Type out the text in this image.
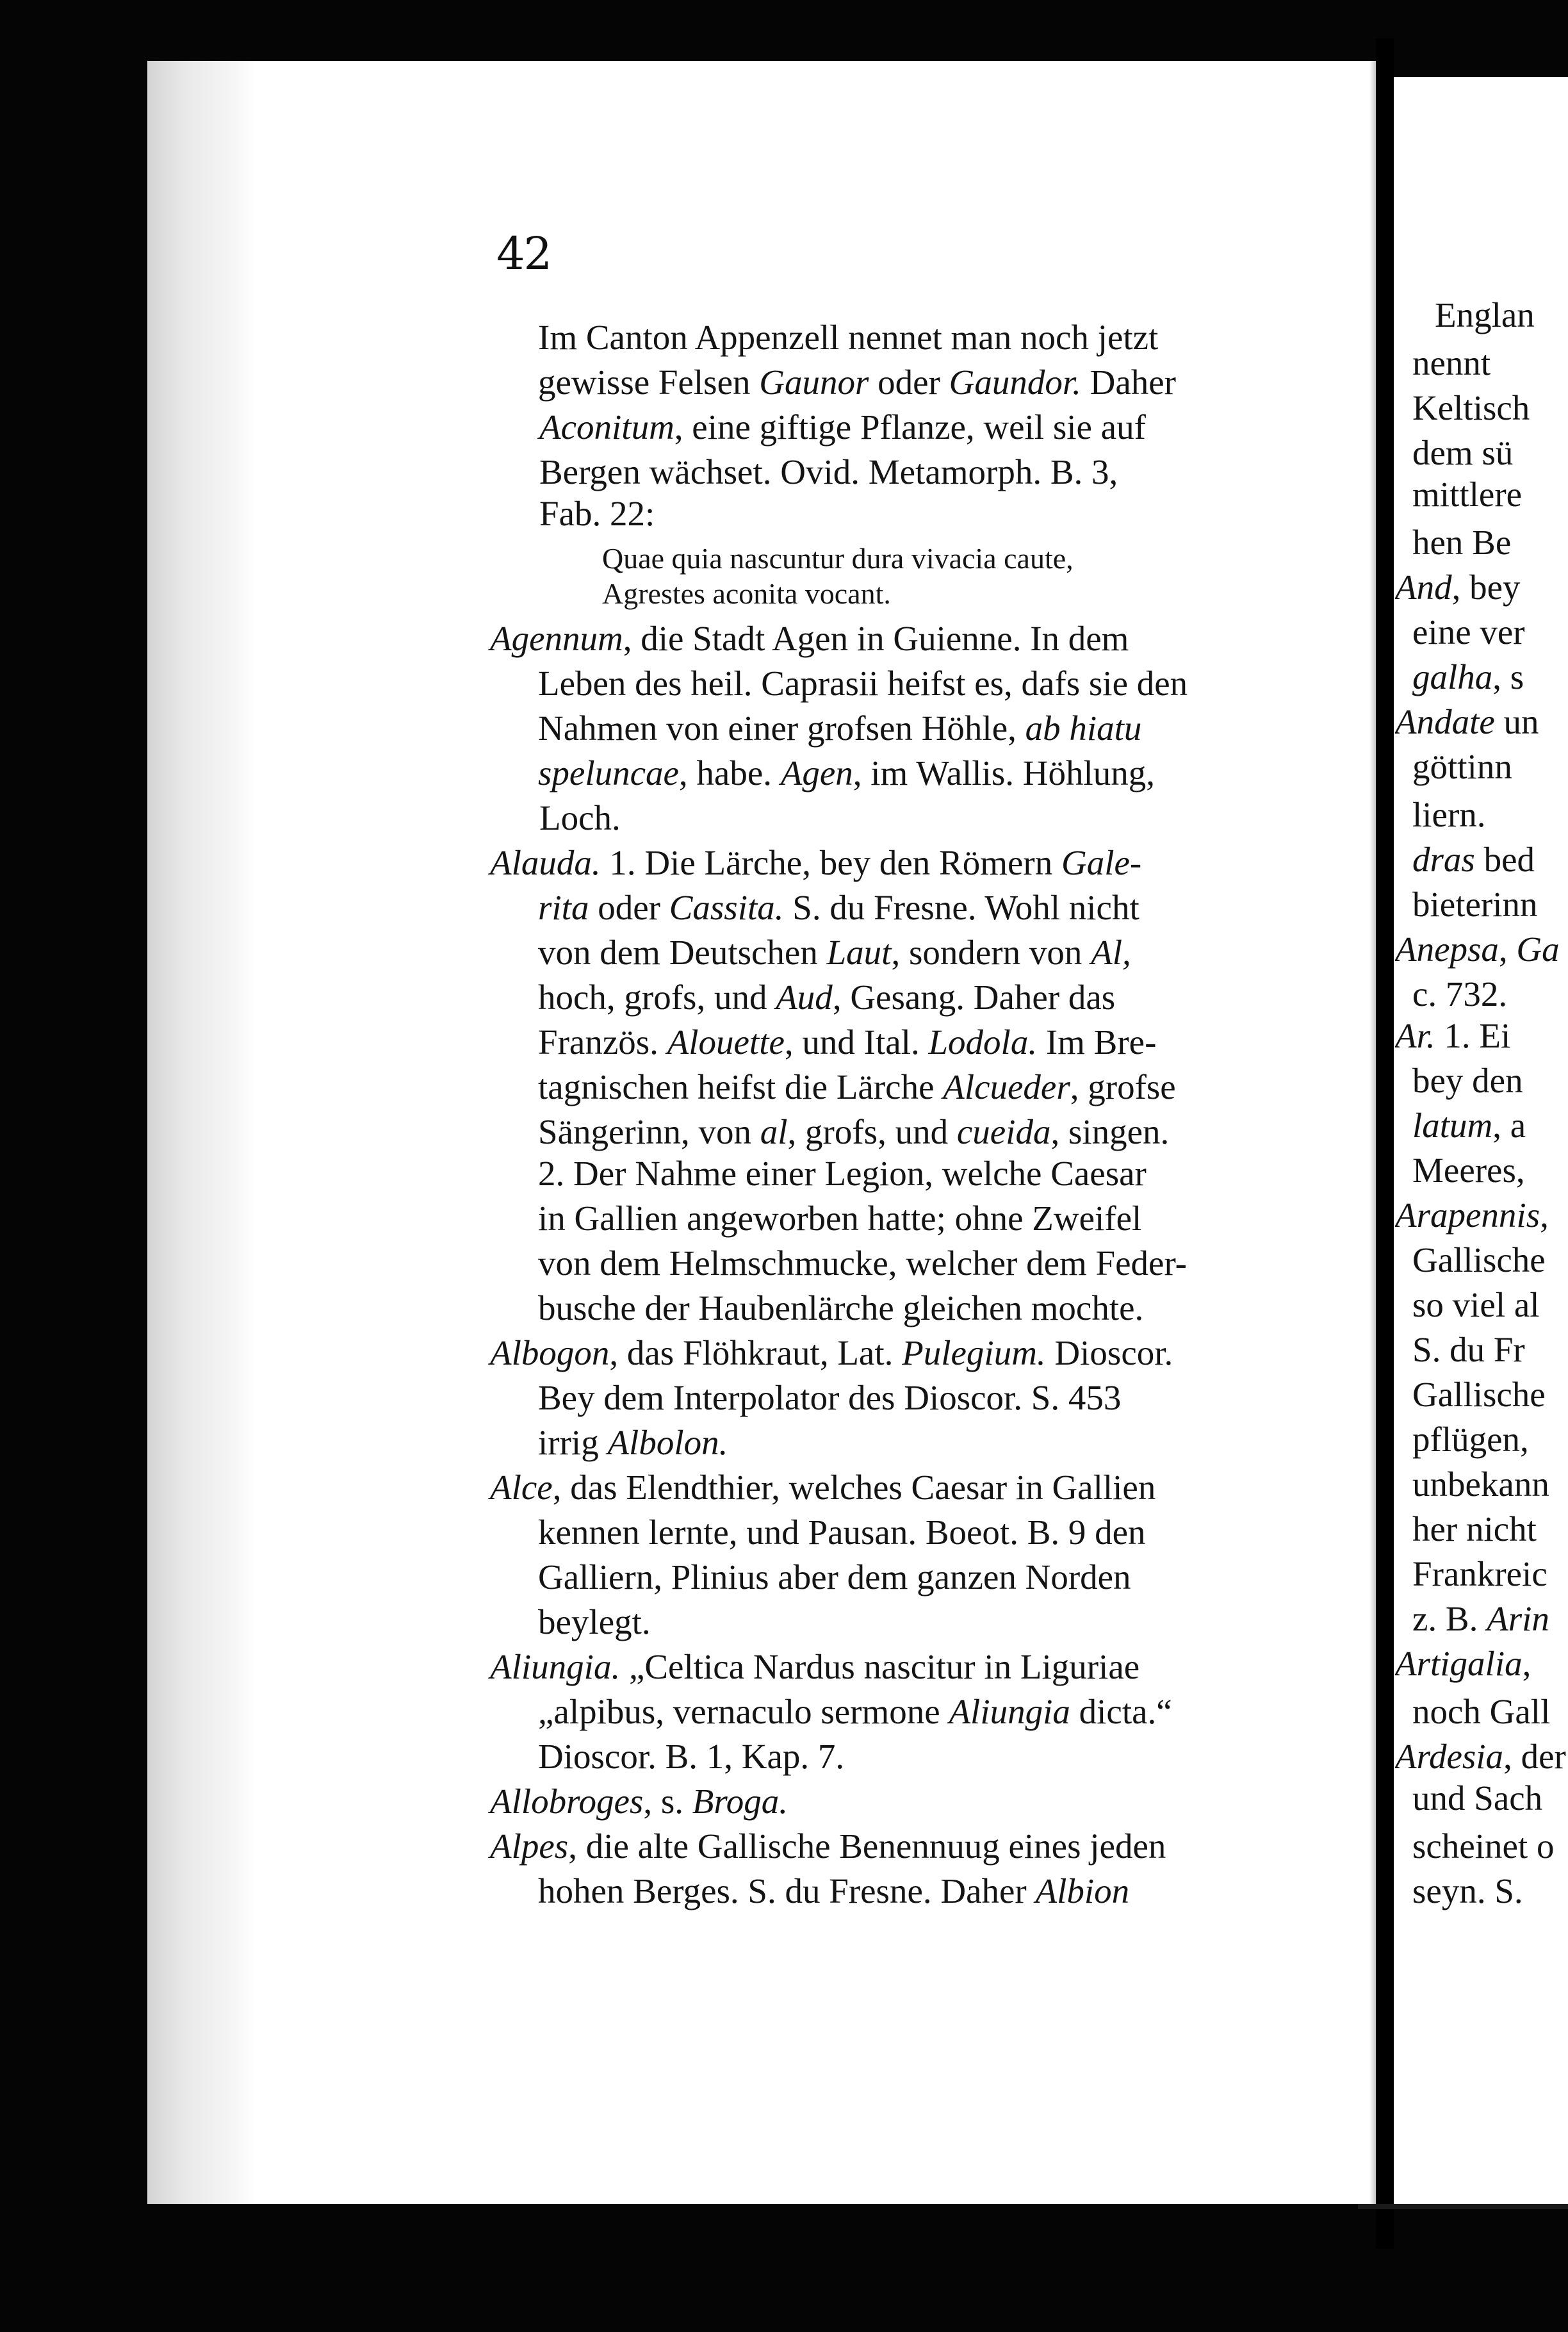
42
Im Canton Appenzell nennet man noch jetzt
gewisse Felsen Gaunor oder Gaundor. Daher
Aconitum, eine giftige Pflanze, weil sie auf
Bergen wächset. Ovid. Metamorph. B. 3,
Fab. 22:
Quae quia nascuntur dura vivacia caute,
Agrestes aconita vocant.
Agennum, die Stadt Agen in Guienne. In dem
Leben des heil. Caprasii heifst es, dafs sie den
Nahmen von einer grofsen Höhle, ab hiatu
speluncae, habe. Agen, im Wallis. Höhlung,
Loch.
Alauda. 1. Die Lärche, bey den Römern Gale-
rita oder Cassita. S. du Fresne. Wohl nicht
von dem Deutschen Laut, sondern von Al,
hoch, grofs, und Aud, Gesang. Daher das
Französ. Alouette, und Ital. Lodola. Im Bre-
tagnischen heifst die Lärche Alcueder, grofse
Sängerinn, von al, grofs, und cueida, singen.
2. Der Nahme einer Legion, welche Caesar
in Gallien angeworben hatte; ohne Zweifel
von dem Helmschmucke, welcher dem Feder-
busche der Haubenlärche gleichen mochte.
Albogon, das Flöhkraut, Lat. Pulegium. Dioscor.
Bey dem Interpolator des Dioscor. S. 453
irrig Albolon.
Alce, das Elendthier, welches Caesar in Gallien
kennen lernte, und Pausan. Boeot. B. 9 den
Galliern, Plinius aber dem ganzen Norden
beylegt.
Aliungia. „Celtica Nardus nascitur in Liguriae
„alpibus, vernaculo sermone Aliungia dicta.“
Dioscor. B. 1, Kap. 7.
Allobroges, s. Broga.
Alpes, die alte Gallische Benennuug eines jeden
hohen Berges. S. du Fresne. Daher Albion
Englan
nennt
Keltisch
dem sü
mittlere
hen Be
And, bey
eine ver
galha, s
Andate un
göttinn
liern.
dras bed
bieterinn
Anepsa, Ga
c. 732.
Ar. 1. Ei
bey den
latum, a
Meeres,
Arapennis,
Gallische
so viel al
S. du Fr
Gallische
pflügen,
unbekann
her nicht
Frankreic
z. B. Arin
Artigalia,
noch Gall
Ardesia, der
und Sach
scheinet o
seyn. S.
